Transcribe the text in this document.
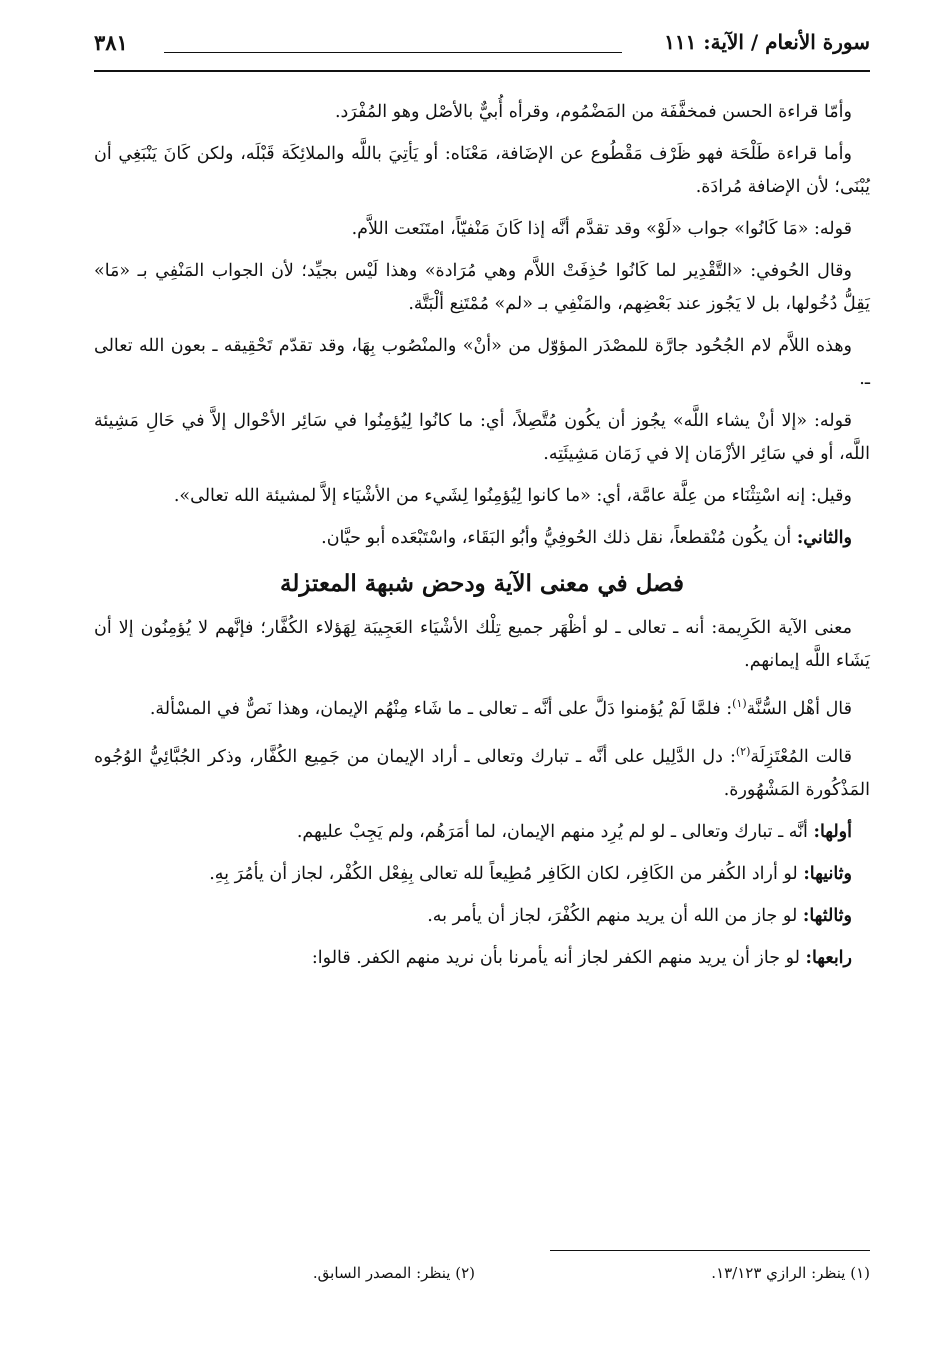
سورة الأنعام / الآية: ١١١
٣٨١

وأمّا قراءة الحسن فمخفَّفَة من المَضْمُوم، وقرأه أُبيٌّ بالأصْل وهو المُفْرَد.

وأما قراءة طَلْحَة فهو ظَرْف مَقْطُوع عن الإضَافة، مَعْنَاه: أو يَأتِيَ باللَّه والملائِكَة قَبْلَه، ولكن كَانَ يَنْبَغِي أن يُبْنَى؛ لأن الإضافة مُرادَة.

قوله: «مَا كَانُوا» جواب «لَوْ» وقد تقدَّم أنَّه إذا كَانَ مَنْفيّاً، امتَنَعت اللاَّم.

وقال الحُوفي: «التَّقْدِير لما كَانُوا حُذِفَتْ اللاَّم وهي مُرَادة» وهذا لَيْس بجيِّد؛ لأن الجواب المَنْفِي بـ «مَا» يَقِلُّ دُخُولها، بل لا يَجُوز عند بَعْضِهم، والمَنْفِي بـ «لم» مُمْتَنِع ألْبَتَّة.

وهذه اللاَّم لام الجُحُود جارَّة للمصْدَر المؤوّل من «أنْ» والمنْصُوب بِهَا، وقد تقدّم تَحْقِيقه ـ بعون الله تعالى ـ.

قوله: «إلا أنْ يشاء اللَّه» يجُوز أن يكُون مُتَّصِلاً، أي: ما كانُوا لِيُؤمِنُوا في سَائِر الأحْوال إلاَّ في حَالِ مَشِيئة اللَّه، أو في سَائِر الأزْمَان إلا في زَمَان مَشِيئَتِه.

وقيل: إنه اسْتِثْنَاء من عِلَّة عامَّة، أي: «ما كانوا لِيُؤمِنُوا لِشَيء من الأشْيَاء إلاَّ لمشيئة الله تعالى».

والثاني: أن يكُون مُنْقطعاً، نقل ذلك الحُوفِيُّ وأبُو البَقَاء، واسْتَبْعَده أبو حيَّان.

فصل في معنى الآية ودحض شبهة المعتزلة

معنى الآية الكَرِيمة: أنه ـ تعالى ـ لو أظْهَر جميع تِلْك الأشْيَاء العَجِيبَة لِهَؤلاء الكُفَّار؛ فإنَّهم لا يُؤمِنُون إلا أن يَشَاء اللَّه إيمانهم.

قال أهْل السُّنَّة$^{(١)}$: فلمَّا لَمْ يُؤمنوا دَلَّ على أنَّه ـ تعالى ـ ما شَاء مِنْهُم الإيمان، وهذا نَصٌّ في المسْألة.

قالت المُعْتَزِلَة$^{(٢)}$: دل الدَّلِيل على أنَّه ـ تبارك وتعالى ـ أراد الإيمان من جَمِيع الكُفَّار، وذكر الجُبَّائِيُّ الوُجُوه المَذْكُورة المَشْهُورة.

أولها: أنَّه ـ تبارك وتعالى ـ لو لم يُرِد منهم الإيمان، لما أمَرَهُم، ولم يَجِبْ عليهم.

وثانيها: لو أراد الكُفر من الكَافِر، لكان الكَافِر مُطِيعاً لله تعالى بِفِعْل الكُفْر، لجاز أن يأمُرَ بِهِ.

وثالثها: لو جاز من الله أن يريد منهم الكُفْرَ، لجاز أن يأمر به.

رابعها: لو جاز أن يريد منهم الكفر لجاز أنه يأمرنا بأن نريد منهم الكفر. قالوا:

(١) ينظر: الرازي ١٣/١٢٣.
(٢) ينظر: المصدر السابق.
